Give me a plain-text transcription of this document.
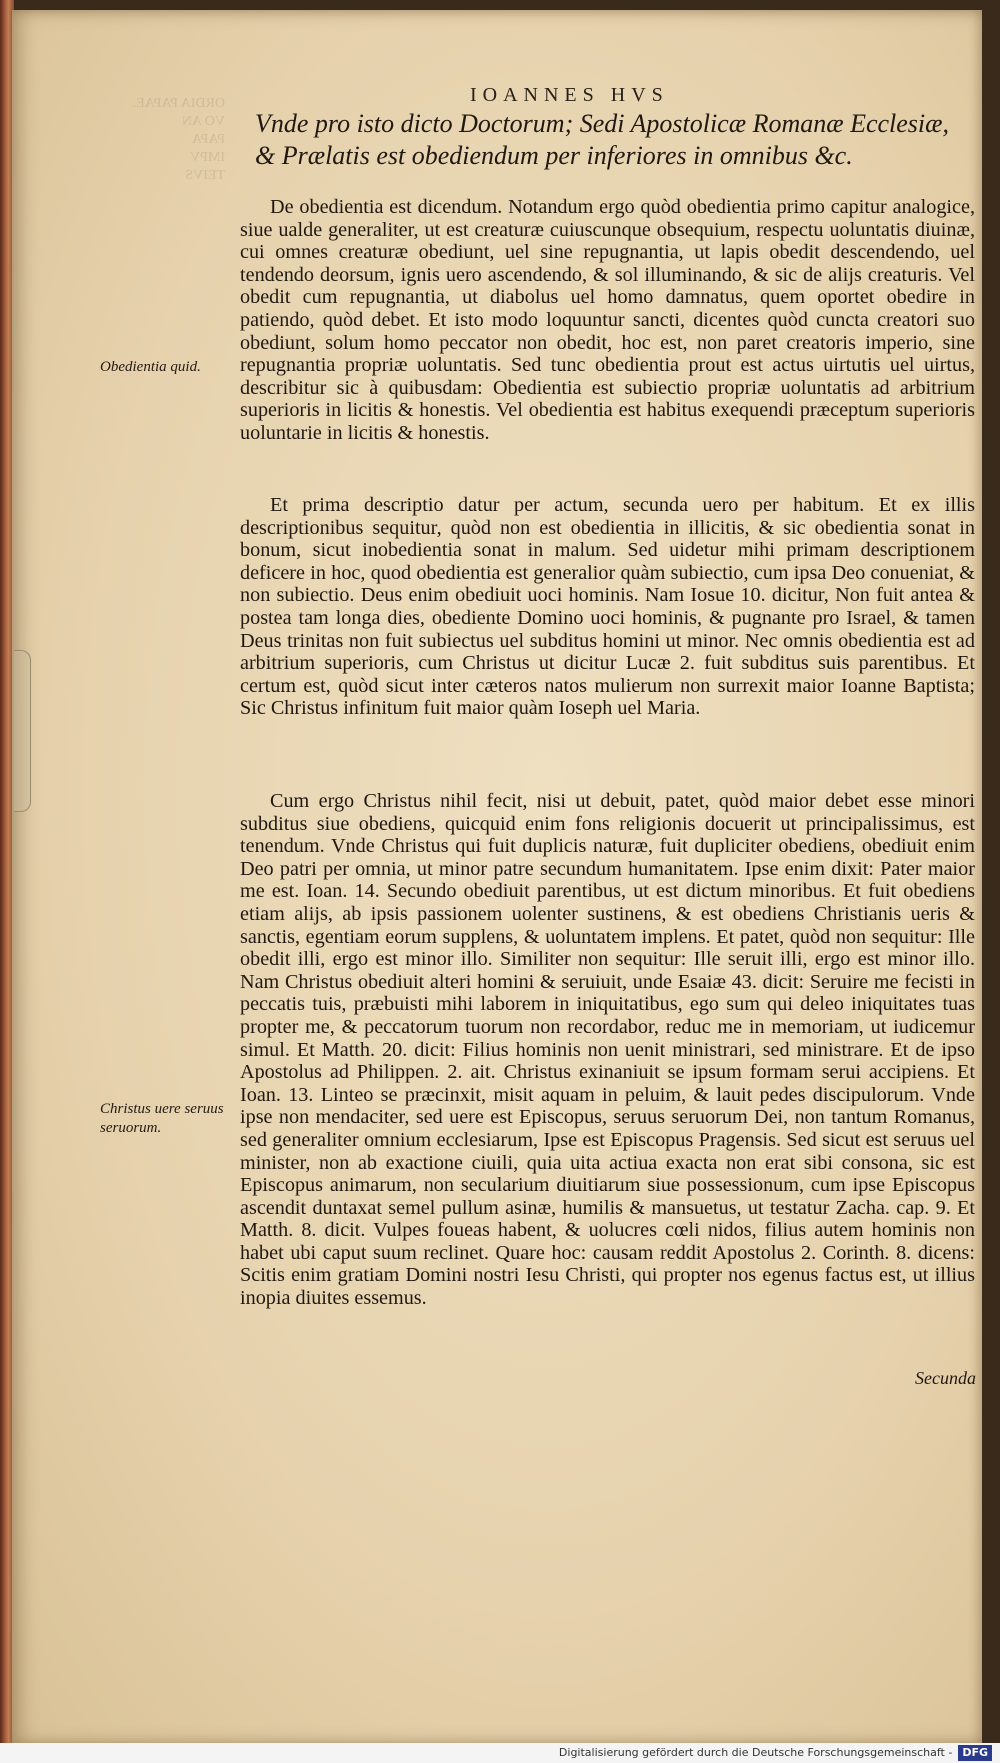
ORDIA PAPAE.
VO AN
PAPA
IMPV
TEIVS
IOANNES HVS
Vnde pro isto dicto Doctorum; Sedi Apostolicæ Romanæ Ecclesiæ, & Prælatis est obediendum per inferiores in omnibus &c.

De obedientia est dicendum. Notandum ergo quòd obedientia primo capitur analogice, siue ualde generaliter, ut est creaturæ cuiuscunque obsequium, respectu uoluntatis diuinæ, cui omnes creaturæ obediunt, uel sine repugnantia, ut lapis obedit descendendo, uel tendendo deorsum, ignis uero ascendendo, & sol illuminando, & sic de alijs creaturis. Vel obedit cum repugnantia, ut diabolus uel homo damnatus, quem oportet obedire in patiendo, quòd debet. Et isto modo loquuntur sancti, dicentes quòd cuncta creatori suo obediunt, solum homo peccator non obedit, hoc est, non paret creatoris imperio, sine repugnantia propriæ uoluntatis. Sed tunc obedientia prout est actus uirtutis uel uirtus, describitur sic à quibusdam: Obedientia est subiectio propriæ uoluntatis ad arbitrium superioris in licitis & honestis. Vel obedientia est habitus exequendi præceptum superioris uoluntarie in licitis & honestis.

Et prima descriptio datur per actum, secunda uero per habitum. Et ex illis descriptionibus sequitur, quòd non est obedientia in illicitis, & sic obedientia sonat in bonum, sicut inobedientia sonat in malum. Sed uidetur mihi primam descriptionem deficere in hoc, quod obedientia est generalior quàm subiectio, cum ipsa Deo conueniat, & non subiectio. Deus enim obediuit uoci hominis. Nam Iosue 10. dicitur, Non fuit antea & postea tam longa dies, obediente Domino uoci hominis, & pugnante pro Israel, & tamen Deus trinitas non fuit subiectus uel subditus homini ut minor. Nec omnis obedientia est ad arbitrium superioris, cum Christus ut dicitur Lucæ 2. fuit subditus suis parentibus. Et certum est, quòd sicut inter cæteros natos mulierum non surrexit maior Ioanne Baptista; Sic Christus infinitum fuit maior quàm Ioseph uel Maria.

Cum ergo Christus nihil fecit, nisi ut debuit, patet, quòd maior debet esse minori subditus siue obediens, quicquid enim fons religionis docuerit ut principalissimus, est tenendum. Vnde Christus qui fuit duplicis naturæ, fuit dupliciter obediens, obediuit enim Deo patri per omnia, ut minor patre secundum humanitatem. Ipse enim dixit: Pater maior me est. Ioan. 14. Secundo obediuit parentibus, ut est dictum minoribus. Et fuit obediens etiam alijs, ab ipsis passionem uolenter sustinens, & est obediens Christianis ueris & sanctis, egentiam eorum supplens, & uoluntatem implens. Et patet, quòd non sequitur: Ille obedit illi, ergo est minor illo. Similiter non sequitur: Ille seruit illi, ergo est minor illo. Nam Christus obediuit alteri homini & seruiuit, unde Esaiæ 43. dicit: Seruire me fecisti in peccatis tuis, præbuisti mihi laborem in iniquitatibus, ego sum qui deleo iniquitates tuas propter me, & peccatorum tuorum non recordabor, reduc me in memoriam, ut iudicemur simul. Et Matth. 20. dicit: Filius hominis non uenit ministrari, sed ministrare. Et de ipso Apostolus ad Philippen. 2. ait. Christus exinaniuit se ipsum formam serui accipiens. Et Ioan. 13. Linteo se præcinxit, misit aquam in peluim, & lauit pedes discipulorum. Vnde ipse non mendaciter, sed uere est Episcopus, seruus seruorum Dei, non tantum Romanus, sed generaliter omnium ecclesiarum, Ipse est Episcopus Pragensis. Sed sicut est seruus uel minister, non ab exactione ciuili, quia uita actiua exacta non erat sibi consona, sic est Episcopus animarum, non secularium diuitiarum siue possessionum, cum ipse Episcopus ascendit duntaxat semel pullum asinæ, humilis & mansuetus, ut testatur Zacha. cap. 9. Et Matth. 8. dicit. Vulpes foueas habent, & uolucres cœli nidos, filius autem hominis non habet ubi caput suum reclinet. Quare hoc: causam reddit Apostolus 2. Corinth. 8. dicens: Scitis enim gratiam Domini nostri Iesu Christi, qui propter nos egenus factus est, ut illius inopia diuites essemus.

Obedientia quid.
Christus uere seruus seruorum.
Secunda
Digitalisierung gefördert durch die Deutsche Forschungsgemeinschaft - DFG
